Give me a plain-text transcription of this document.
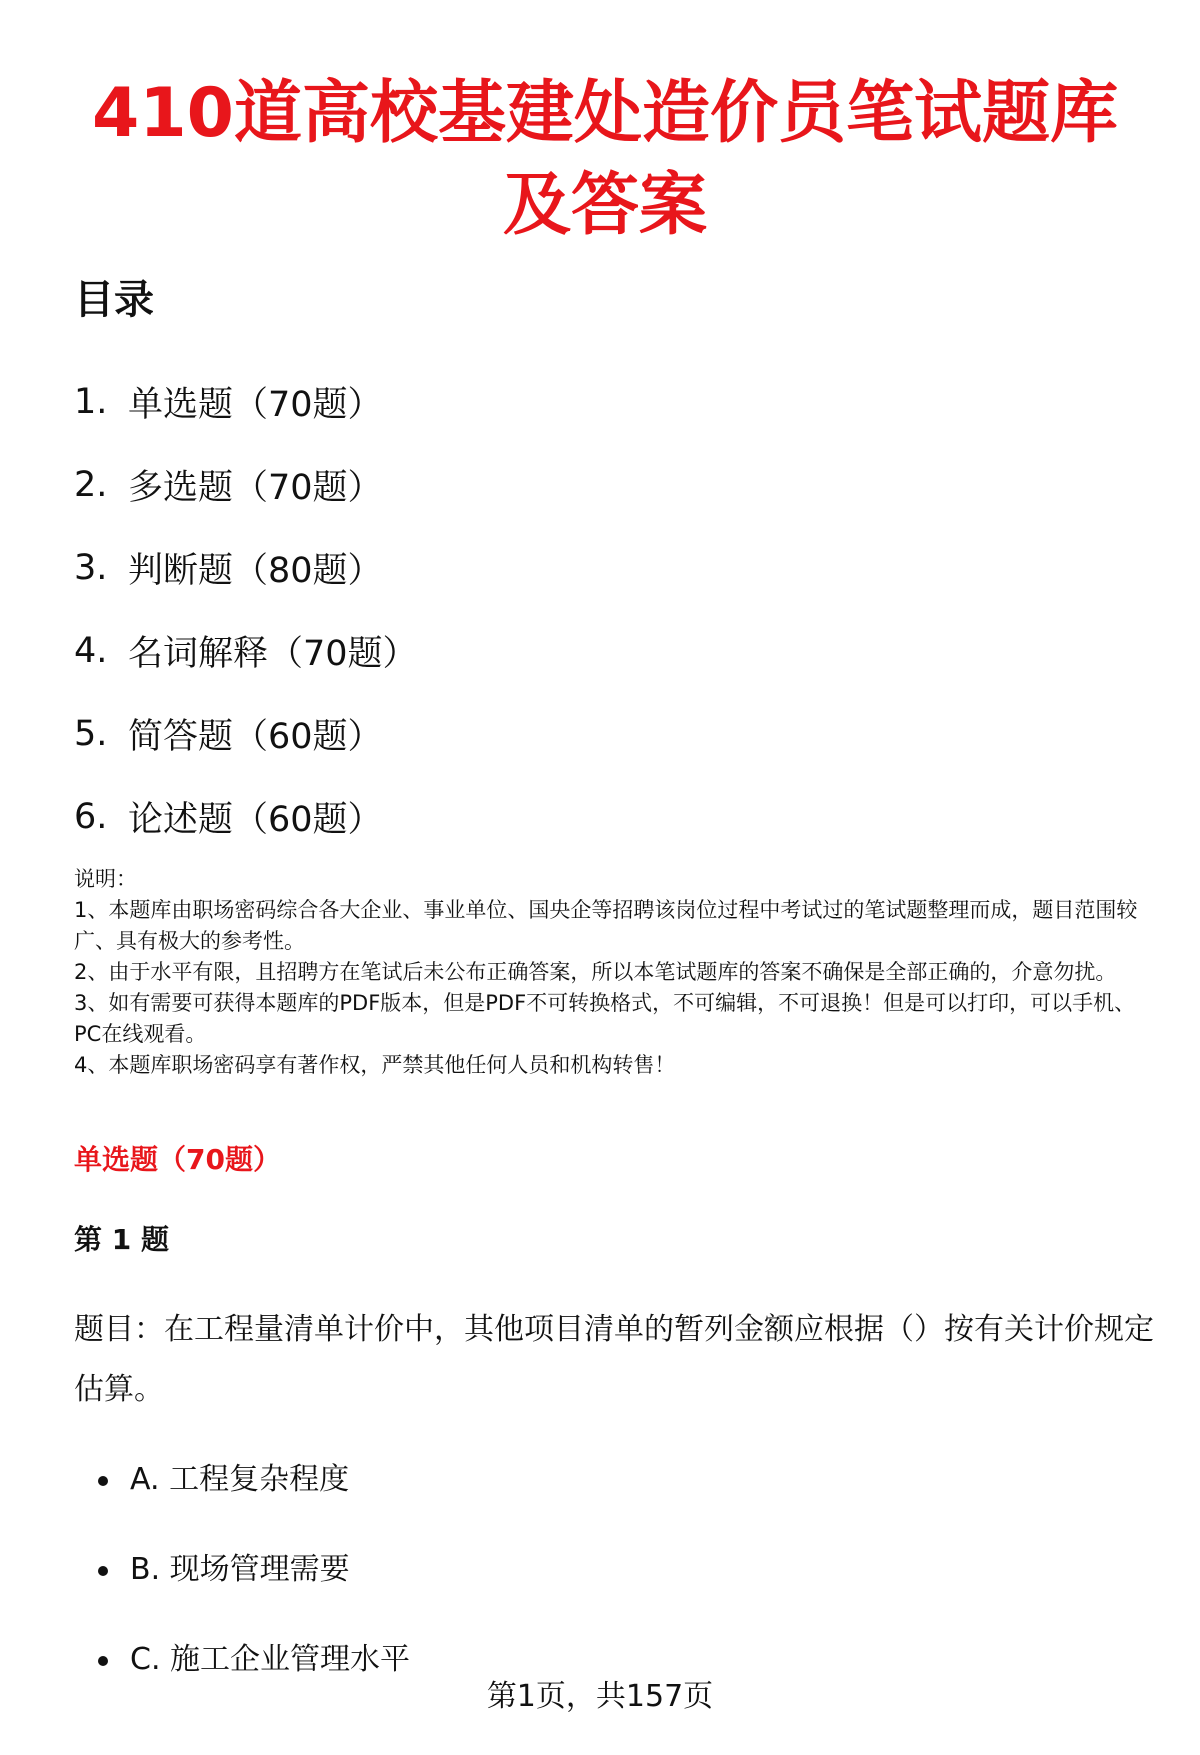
410道高校基建处造价员笔试题库及答案
目录
1. 单选题（70题）
2. 多选题（70题）
3. 判断题（80题）
4. 名词解释（70题）
5. 简答题（60题）
6. 论述题（60题）

说明：

1、本题库由职场密码综合各大企业、事业单位、国央企等招聘该岗位过程中考试过的笔试题整理而成，题目范围较广、具有极大的参考性。

2、由于水平有限，且招聘方在笔试后未公布正确答案，所以本笔试题库的答案不确保是全部正确的，介意勿扰。

3、如有需要可获得本题库的PDF版本，但是PDF不可转换格式，不可编辑，不可退换！但是可以打印，可以手机、PC在线观看。

4、本题库职场密码享有著作权，严禁其他任何人员和机构转售！

单选题（70题）
第 1 题

题目：在工程量清单计价中，其他项目清单的暂列金额应根据（）按有关计价规定估算。

A. 工程复杂程度
B. 现场管理需要
C. 施工企业管理水平
第1页，共157页
